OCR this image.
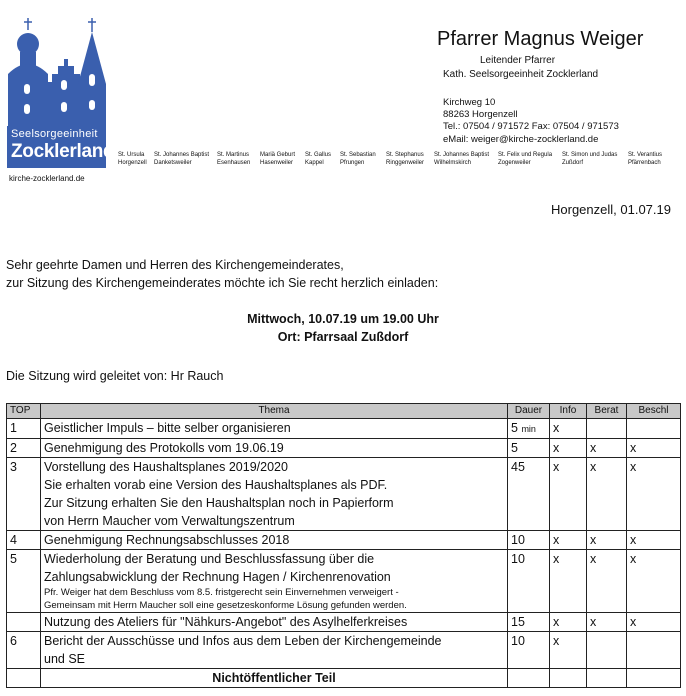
Seelsorgeeinheit
Zocklerland
kirche-zocklerland.de
St. Ursula
Horgenzell
St. Johannes Baptist
Danketsweiler
St. Martinus
Esenhausen
Mariä Geburt
Hasenweiler
St. Gallus
Kappel
St. Sebastian
Pfrungen
St. Stephanus
Ringgenweiler
St. Johannes Baptist
Wilhelmskirch
St. Felix und Regula
Zogenweiler
St. Simon und Judas
Zußdorf
St. Verantius
Pfärrenbach
Pfarrer Magnus Weiger
Leitender Pfarrer
Kath. Seelsorgeeinheit Zocklerland
Kirchweg 10
88263 Horgenzell
Tel.: 07504 / 971572 Fax: 07504 / 971573
eMail: weiger@kirche-zocklerland.de
Horgenzell, 01.07.19
Sehr geehrte Damen und Herren des Kirchengemeinderates,
zur Sitzung des Kirchengemeinderates möchte ich Sie recht herzlich einladen:
Mittwoch, 10.07.19 um 19.00 Uhr
Ort: Pfarrsaal Zußdorf
Die Sitzung wird geleitet von: Hr Rauch
TOP	Thema	Dauer	Info	Berat	Beschl
1	Geistlicher Impuls – bitte selber organisieren	5 min	x		
2	Genehmigung des Protokolls vom 19.06.19	5	x	x	x
3	Vorstellung des Haushaltsplanes 2019/2020
Sie erhalten vorab eine Version des Haushaltsplanes als PDF.
Zur Sitzung erhalten Sie den Haushaltsplan noch in Papierform
von Herrn Maucher vom Verwaltungszentrum	45	x	x	x
4	Genehmigung Rechnungsabschlusses 2018	10	x	x	x
5	Wiederholung der Beratung und Beschlussfassung über die
Zahlungsabwicklung der Rechnung Hagen / Kirchenrenovation
Pfr. Weiger hat dem Beschluss vom 8.5. fristgerecht sein Einvernehmen verweigert -
Gemeinsam mit Herrn Maucher soll eine gesetzeskonforme Lösung gefunden werden.	10	x	x	x
	Nutzung des Ateliers für "Nähkurs-Angebot" des Asylhelferkreises	15	x	x	x
6	Bericht der Ausschüsse und Infos aus dem Leben der Kirchengemeinde
und SE	10	x		
	Nichtöffentlicher Teil				
